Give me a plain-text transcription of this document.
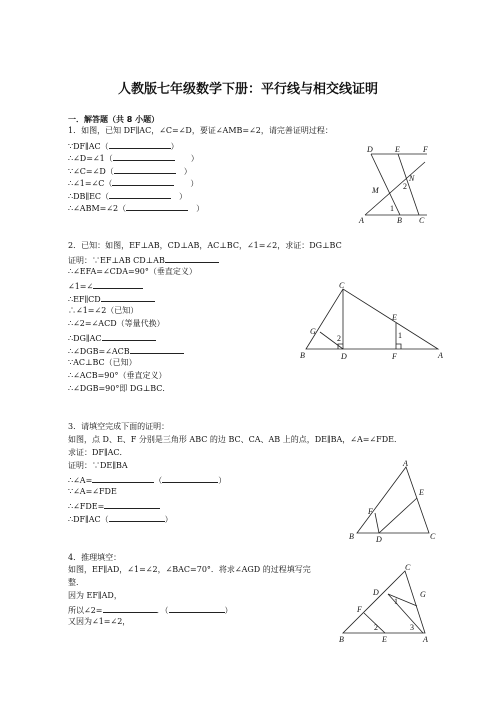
人教版七年级数学下册：平行线与相交线证明
一．解答题（共 8 小题）
1．如图，已知 DF∥AC，∠C=∠D，要证∠AMB=∠2，请完善证明过程：
∵DF∥AC（	）
∴∠D=∠1（	）
∵∠C=∠D（	）
∴∠1=∠C（	）
∴DB∥EC（	）
∴∠ABM=∠2（	）
D	E	F
M
N
2
1
A	B C
2．已知：如图，EF⊥AB，CD⊥AB，AC⊥BC，∠1=∠2，求证：DG⊥BC
证明：∵EF⊥AB CD⊥AB
∴∠EFA=∠CDA=90°（垂直定义）
∠1=∠
∴EF∥CD
∴∠1=∠2（已知）
∴∠2=∠ACD（等量代换）
∴DG∥AC
∴∠DGB=∠ACB
∵AC⊥BC（已知）
∴∠ACB=90°（垂直定义）
∴∠DGB=90°即 DG⊥BC．
C
G
E
2	1
B	D	F	A
3．请填空完成下面的证明：
如图，点 D、E、F 分别是三角形 ABC 的边 BC、CA、AB 上的点，DE∥BA，∠A=∠FDE．
求证：DF∥AC．
证明：∵DE∥BA
∴∠A=	（	）
∵∠A=∠FDE
∴∠FDE=
∴DF∥AC（	）
A
E
F
B	D	C
4．推理填空：
如图，EF∥AD，∠1=∠2，∠BAC=70°．将求∠AGD 的过程填写完
整．
因为 EF∥AD，
所以∠2=	．（	）
又因为∠1=∠2，
C
D	G
1
F
2	3
B	E	A
